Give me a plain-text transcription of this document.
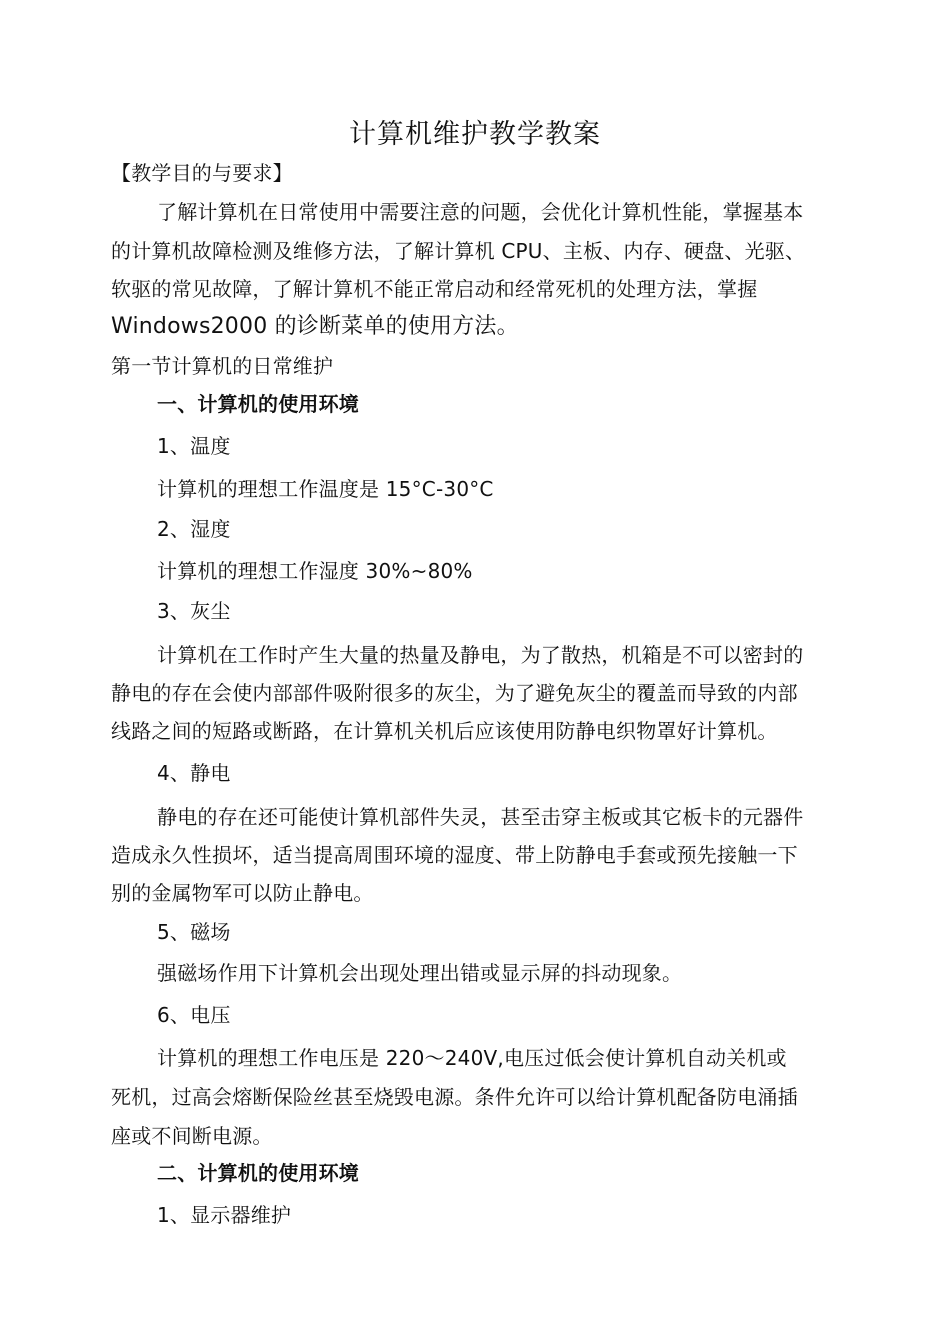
计算机维护教学教案
【教学目的与要求】
了解计算机在日常使用中需要注意的问题，会优化计算机性能，掌握基本
的计算机故障检测及维修方法，了解计算机 CPU、主板、内存、硬盘、光驱、
软驱的常见故障，了解计算机不能正常启动和经常死机的处理方法，掌握
Windows2000 的诊断菜单的使用方法。
第一节计算机的日常维护
一、计算机的使用环境
1、温度
计算机的理想工作温度是 15°C-30°C
2、湿度
计算机的理想工作湿度 30%~80%
3、灰尘
计算机在工作时产生大量的热量及静电，为了散热，机箱是不可以密封的
静电的存在会使内部部件吸附很多的灰尘，为了避免灰尘的覆盖而导致的内部
线路之间的短路或断路，在计算机关机后应该使用防静电织物罩好计算机。
4、静电
静电的存在还可能使计算机部件失灵，甚至击穿主板或其它板卡的元器件
造成永久性损坏，适当提高周围环境的湿度、带上防静电手套或预先接触一下
别的金属物军可以防止静电。
5、磁场
强磁场作用下计算机会出现处理出错或显示屏的抖动现象。
6、电压
计算机的理想工作电压是 220～240V,电压过低会使计算机自动关机或
死机，过高会熔断保险丝甚至烧毁电源。条件允许可以给计算机配备防电涌插
座或不间断电源。
二、计算机的使用环境
1、显示器维护
